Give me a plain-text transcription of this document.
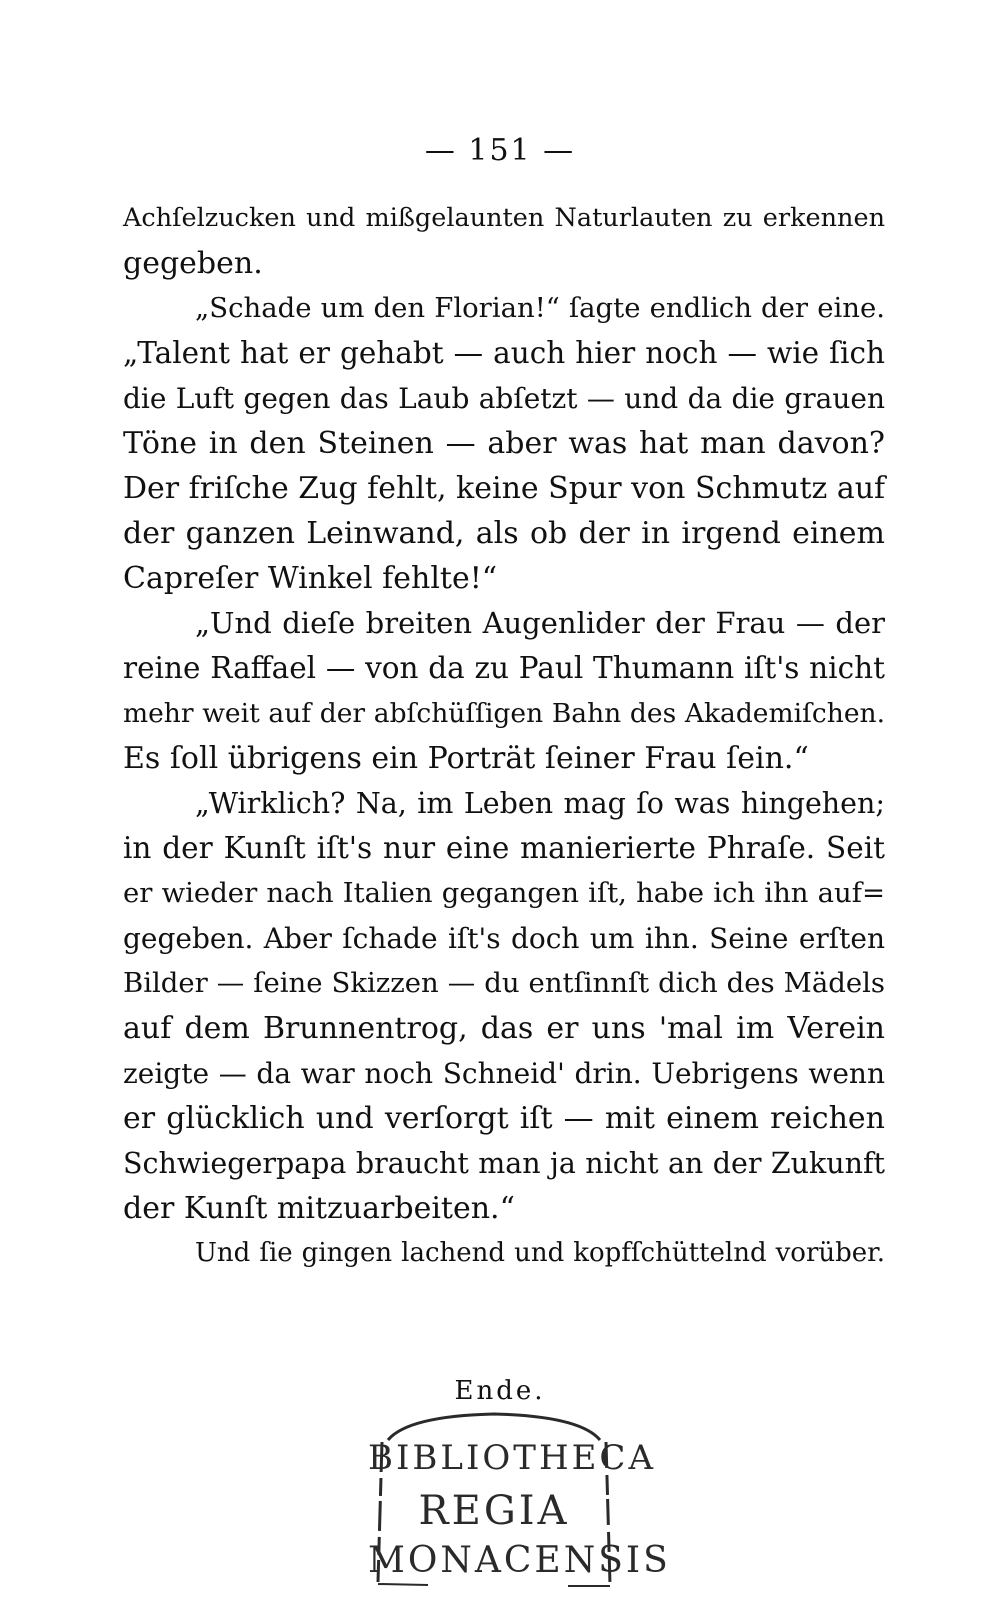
— 151 —
Achſelzucken und mißgelaunten Naturlauten zu erkennen
gegeben.
„Schade um den Florian!“ ſagte endlich der eine.
„Talent hat er gehabt — auch hier noch — wie ſich
die Luft gegen das Laub abſetzt — und da die grauen
Töne in den Steinen — aber was hat man davon?
Der friſche Zug fehlt, keine Spur von Schmutz auf
der ganzen Leinwand, als ob der in irgend einem
Capreſer Winkel fehlte!“
„Und dieſe breiten Augenlider der Frau — der
reine Raffael — von da zu Paul Thumann iſt's nicht
mehr weit auf der abſchüſſigen Bahn des Akademiſchen.
Es ſoll übrigens ein Porträt ſeiner Frau ſein.“
„Wirklich? Na, im Leben mag ſo was hingehen;
in der Kunſt iſt's nur eine manierierte Phraſe. Seit
er wieder nach Italien gegangen iſt, habe ich ihn auf=
gegeben. Aber ſchade iſt's doch um ihn. Seine erſten
Bilder — ſeine Skizzen — du entſinnſt dich des Mädels
auf dem Brunnentrog, das er uns 'mal im Verein
zeigte — da war noch Schneid' drin. Uebrigens wenn
er glücklich und verſorgt iſt — mit einem reichen
Schwiegerpapa braucht man ja nicht an der Zukunft
der Kunſt mitzuarbeiten.“
Und ſie gingen lachend und kopfſchüttelnd vorüber.
Ende.
BIBLIOTHECA
REGIA
MONACENSIS
